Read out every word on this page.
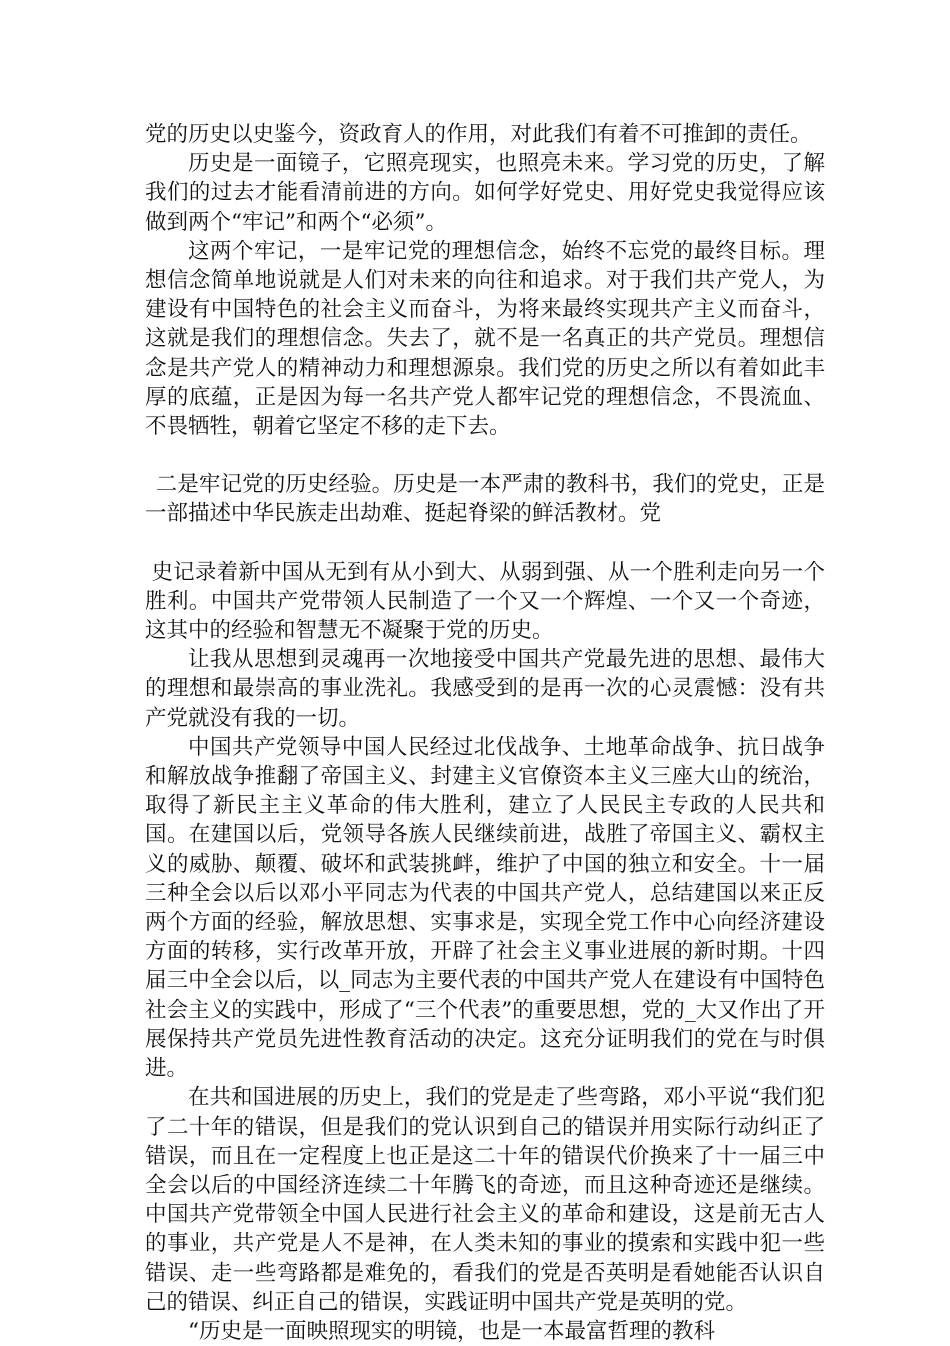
党的历史以史鉴今，资政育人的作用，对此我们有着不可推卸的责任。

历史是一面镜子，它照亮现实，也照亮未来。学习党的历史，了解我们的过去才能看清前进的方向。如何学好党史、用好党史我觉得应该做到两个“牢记”和两个“必须”。

这两个牢记，一是牢记党的理想信念，始终不忘党的最终目标。理想信念简单地说就是人们对未来的向往和追求。对于我们共产党人，为建设有中国特色的社会主义而奋斗，为将来最终实现共产主义而奋斗，这就是我们的理想信念。失去了，就不是一名真正的共产党员。理想信念是共产党人的精神动力和理想源泉。我们党的历史之所以有着如此丰厚的底蕴，正是因为每一名共产党人都牢记党的理想信念，不畏流血、不畏牺牲，朝着它坚定不移的走下去。

二是牢记党的历史经验。历史是一本严肃的教科书，我们的党史，正是一部描述中华民族走出劫难、挺起脊梁的鲜活教材。党

史记录着新中国从无到有从小到大、从弱到强、从一个胜利走向另一个胜利。中国共产党带领人民制造了一个又一个辉煌、一个又一个奇迹，这其中的经验和智慧无不凝聚于党的历史。

让我从思想到灵魂再一次地接受中国共产党最先进的思想、最伟大的理想和最崇高的事业洗礼。我感受到的是再一次的心灵震憾：没有共产党就没有我的一切。

中国共产党领导中国人民经过北伐战争、土地革命战争、抗日战争和解放战争推翻了帝国主义、封建主义官僚资本主义三座大山的统治，取得了新民主主义革命的伟大胜利，建立了人民民主专政的人民共和国。在建国以后，党领导各族人民继续前进，战胜了帝国主义、霸权主义的威胁、颠覆、破坏和武装挑衅，维护了中国的独立和安全。十一届三种全会以后以邓小平同志为代表的中国共产党人，总结建国以来正反两个方面的经验，解放思想、实事求是，实现全党工作中心向经济建设方面的转移，实行改革开放，开辟了社会主义事业进展的新时期。十四届三中全会以后，以_同志为主要代表的中国共产党人在建设有中国特色社会主义的实践中，形成了“三个代表”的重要思想，党的_大又作出了开展保持共产党员先进性教育活动的决定。这充分证明我们的党在与时俱进。

在共和国进展的历史上，我们的党是走了些弯路，邓小平说“我们犯了二十年的错误，但是我们的党认识到自己的错误并用实际行动纠正了错误，而且在一定程度上也正是这二十年的错误代价换来了十一届三中全会以后的中国经济连续二十年腾飞的奇迹，而且这种奇迹还是继续。中国共产党带领全中国人民进行社会主义的革命和建设，这是前无古人的事业，共产党是人不是神，在人类未知的事业的摸索和实践中犯一些错误、走一些弯路都是难免的，看我们的党是否英明是看她能否认识自己的错误、纠正自己的错误，实践证明中国共产党是英明的党。

“历史是一面映照现实的明镜，也是一本最富哲理的教科
